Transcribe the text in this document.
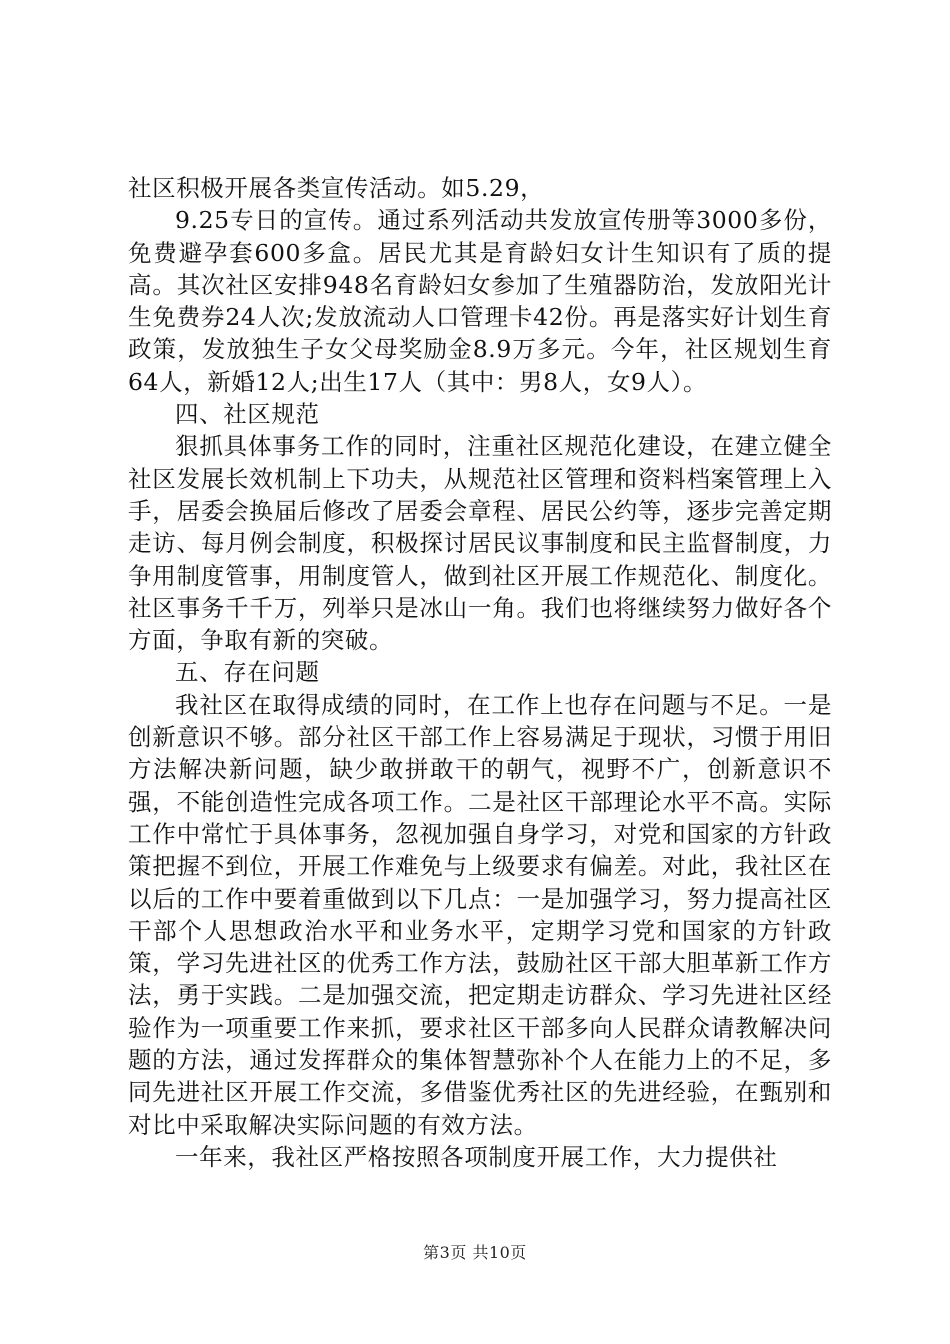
社区积极开展各类宣传活动。如5.29，

9.25专日的宣传。通过系列活动共发放宣传册等3000多份，免费避孕套600多盒。居民尤其是育龄妇女计生知识有了质的提高。其次社区安排948名育龄妇女参加了生殖器防治，发放阳光计生免费券24人次;发放流动人口管理卡42份。再是落实好计划生育政策，发放独生子女父母奖励金8.9万多元。今年，社区规划生育64人，新婚12人;出生17人（其中：男8人，女9人）。

四、社区规范

狠抓具体事务工作的同时，注重社区规范化建设，在建立健全社区发展长效机制上下功夫，从规范社区管理和资料档案管理上入手，居委会换届后修改了居委会章程、居民公约等，逐步完善定期走访、每月例会制度，积极探讨居民议事制度和民主监督制度，力争用制度管事，用制度管人，做到社区开展工作规范化、制度化。社区事务千千万，列举只是冰山一角。我们也将继续努力做好各个方面，争取有新的突破。

五、存在问题

我社区在取得成绩的同时，在工作上也存在问题与不足。一是创新意识不够。部分社区干部工作上容易满足于现状，习惯于用旧方法解决新问题，缺少敢拼敢干的朝气，视野不广，创新意识不强，不能创造性完成各项工作。二是社区干部理论水平不高。实际工作中常忙于具体事务，忽视加强自身学习，对党和国家的方针政策把握不到位，开展工作难免与上级要求有偏差。对此，我社区在以后的工作中要着重做到以下几点：一是加强学习，努力提高社区干部个人思想政治水平和业务水平，定期学习党和国家的方针政策，学习先进社区的优秀工作方法，鼓励社区干部大胆革新工作方法，勇于实践。二是加强交流，把定期走访群众、学习先进社区经验作为一项重要工作来抓，要求社区干部多向人民群众请教解决问题的方法，通过发挥群众的集体智慧弥补个人在能力上的不足，多同先进社区开展工作交流，多借鉴优秀社区的先进经验，在甄别和对比中采取解决实际问题的有效方法。

一年来，我社区严格按照各项制度开展工作，大力提供社

第3页 共10页
